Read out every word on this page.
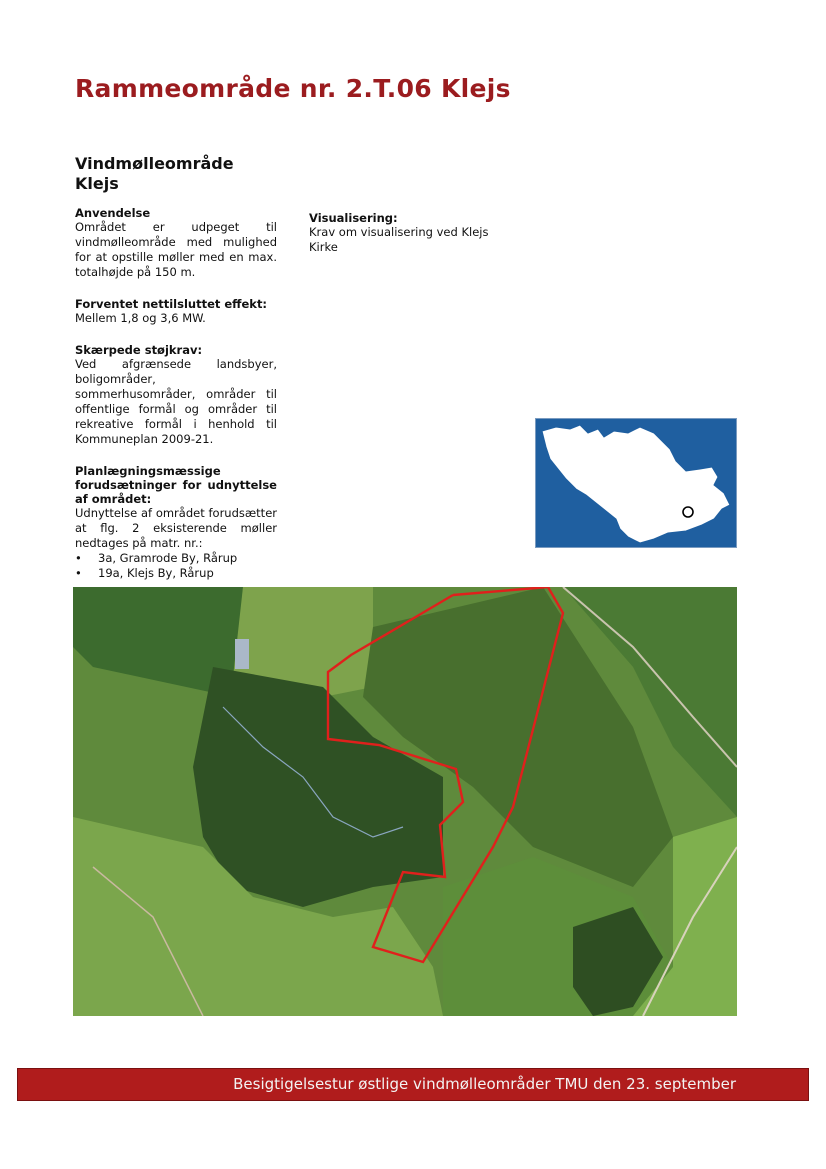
Rammeområde nr. 2.T.06 Klejs
Vindmølleområde
Klejs
Anvendelse

Området er udpeget til vindmølleområde med mulighed for at opstille møller med en max. totalhøjde på 150 m.

Forventet nettilsluttet effekt:

Mellem 1,8 og 3,6 MW.

Skærpede støjkrav:

Ved afgrænsede landsbyer, boligområder, sommerhusområder, områder til offentlige formål og områder til rekreative formål i henhold til Kommuneplan 2009-21.

Planlægningsmæssige forudsætninger for udnyttelse af området:

Udnyttelse af området forudsætter at flg. 2 eksisterende møller nedtages på matr. nr.:

• 3a, Gramrode By, Rårup
• 19a, Klejs By, Rårup
Visualisering:

Krav om visualisering ved Klejs Kirke

Besigtigelsestur østlige vindmølleområder TMU den 23. september
